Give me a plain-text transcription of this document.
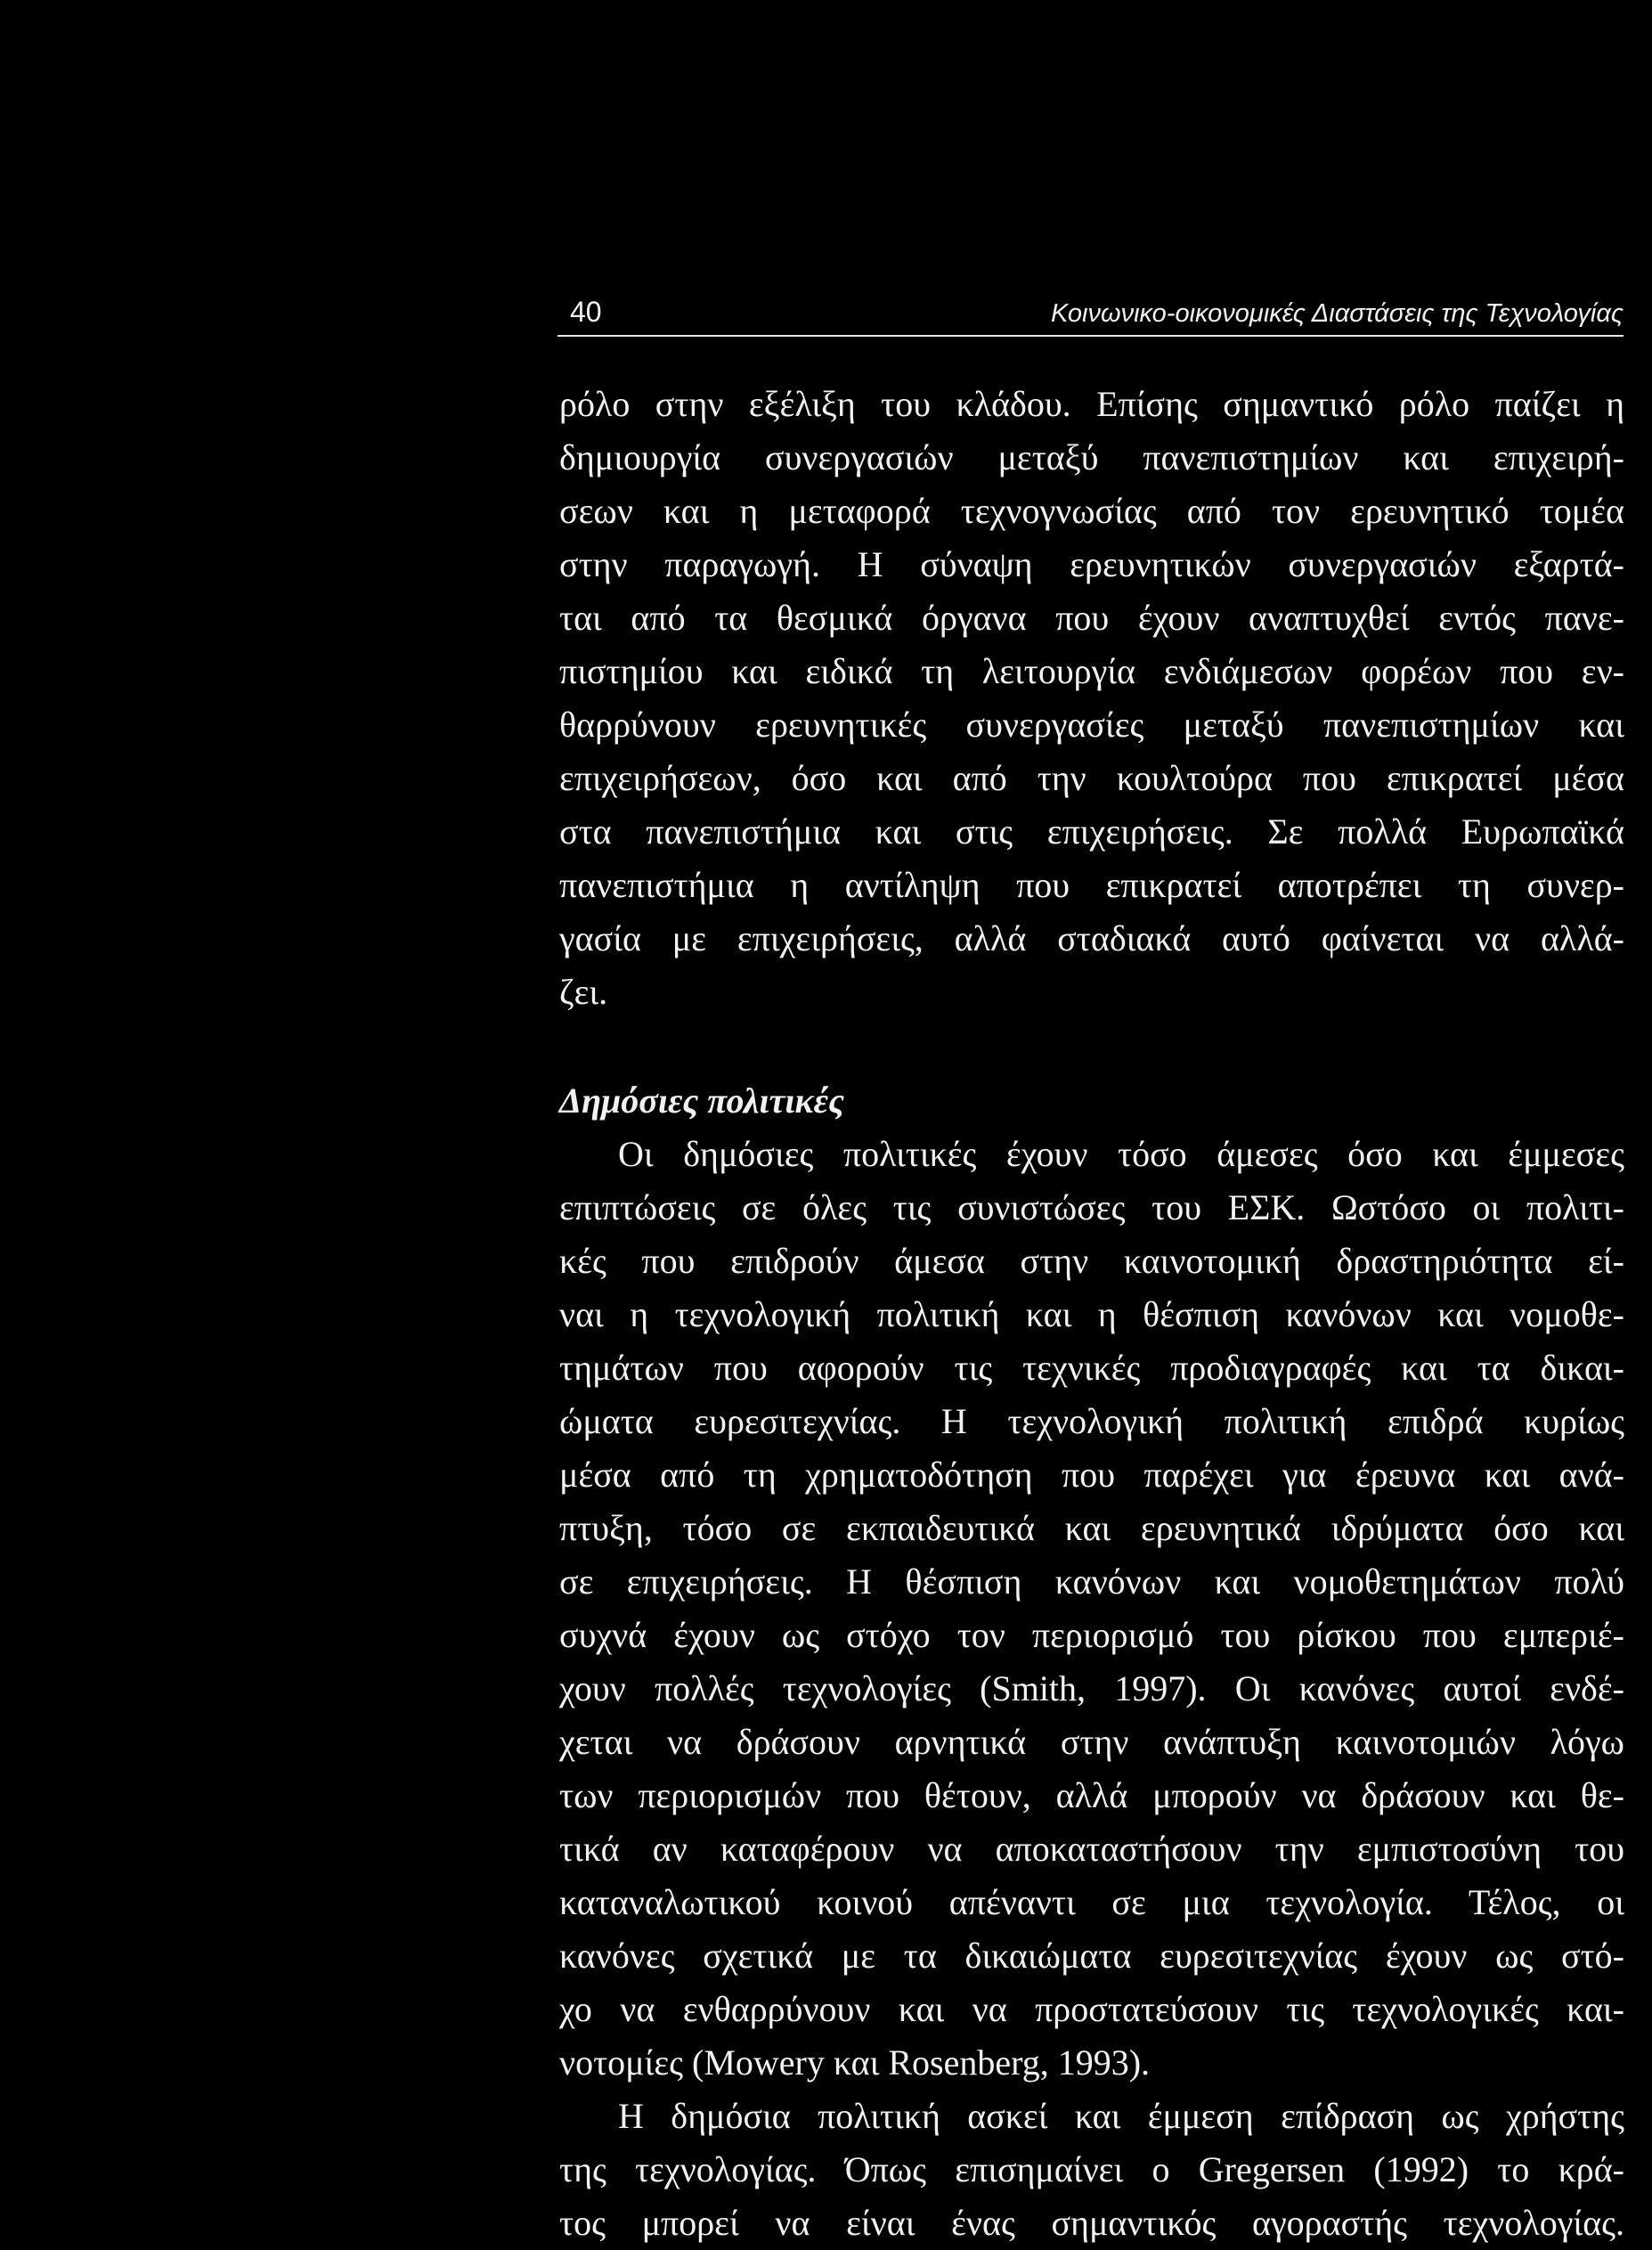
40	Κοινωνικο-οικονομικές Διαστάσεις της Τεχνολογίας
ρόλο στην εξέλιξη του κλάδου. Επίσης σημαντικό ρόλο παίζει η
δημιουργία συνεργασιών μεταξύ πανεπιστημίων και επιχειρή-
σεων και η μεταφορά τεχνογνωσίας από τον ερευνητικό τομέα
στην παραγωγή. Η σύναψη ερευνητικών συνεργασιών εξαρτά-
ται από τα θεσμικά όργανα που έχουν αναπτυχθεί εντός πανε-
πιστημίου και ειδικά τη λειτουργία ενδιάμεσων φορέων που εν-
θαρρύνουν ερευνητικές συνεργασίες μεταξύ πανεπιστημίων και
επιχειρήσεων, όσο και από την κουλτούρα που επικρατεί μέσα
στα πανεπιστήμια και στις επιχειρήσεις. Σε πολλά Ευρωπαϊκά
πανεπιστήμια η αντίληψη που επικρατεί αποτρέπει τη συνερ-
γασία με επιχειρήσεις, αλλά σταδιακά αυτό φαίνεται να αλλά-
ζει.
Δημόσιες πολιτικές
Οι δημόσιες πολιτικές έχουν τόσο άμεσες όσο και έμμεσες
επιπτώσεις σε όλες τις συνιστώσες του ΕΣΚ. Ωστόσο οι πολιτι-
κές που επιδρούν άμεσα στην καινοτομική δραστηριότητα εί-
ναι η τεχνολογική πολιτική και η θέσπιση κανόνων και νομοθε-
τημάτων που αφορούν τις τεχνικές προδιαγραφές και τα δικαι-
ώματα ευρεσιτεχνίας. Η τεχνολογική πολιτική επιδρά κυρίως
μέσα από τη χρηματοδότηση που παρέχει για έρευνα και ανά-
πτυξη, τόσο σε εκπαιδευτικά και ερευνητικά ιδρύματα όσο και
σε επιχειρήσεις. Η θέσπιση κανόνων και νομοθετημάτων πολύ
συχνά έχουν ως στόχο τον περιορισμό του ρίσκου που εμπεριέ-
χουν πολλές τεχνολογίες (Smith, 1997). Οι κανόνες αυτοί ενδέ-
χεται να δράσουν αρνητικά στην ανάπτυξη καινοτομιών λόγω
των περιορισμών που θέτουν, αλλά μπορούν να δράσουν και θε-
τικά αν καταφέρουν να αποκαταστήσουν την εμπιστοσύνη του
καταναλωτικού κοινού απέναντι σε μια τεχνολογία. Τέλος, οι
κανόνες σχετικά με τα δικαιώματα ευρεσιτεχνίας έχουν ως στό-
χο να ενθαρρύνουν και να προστατεύσουν τις τεχνολογικές και-
νοτομίες (Mowery και Rosenberg, 1993).
Η δημόσια πολιτική ασκεί και έμμεση επίδραση ως χρήστης
της τεχνολογίας. Όπως επισημαίνει ο Gregersen (1992) το κρά-
τος μπορεί να είναι ένας σημαντικός αγοραστής τεχνολογίας.
